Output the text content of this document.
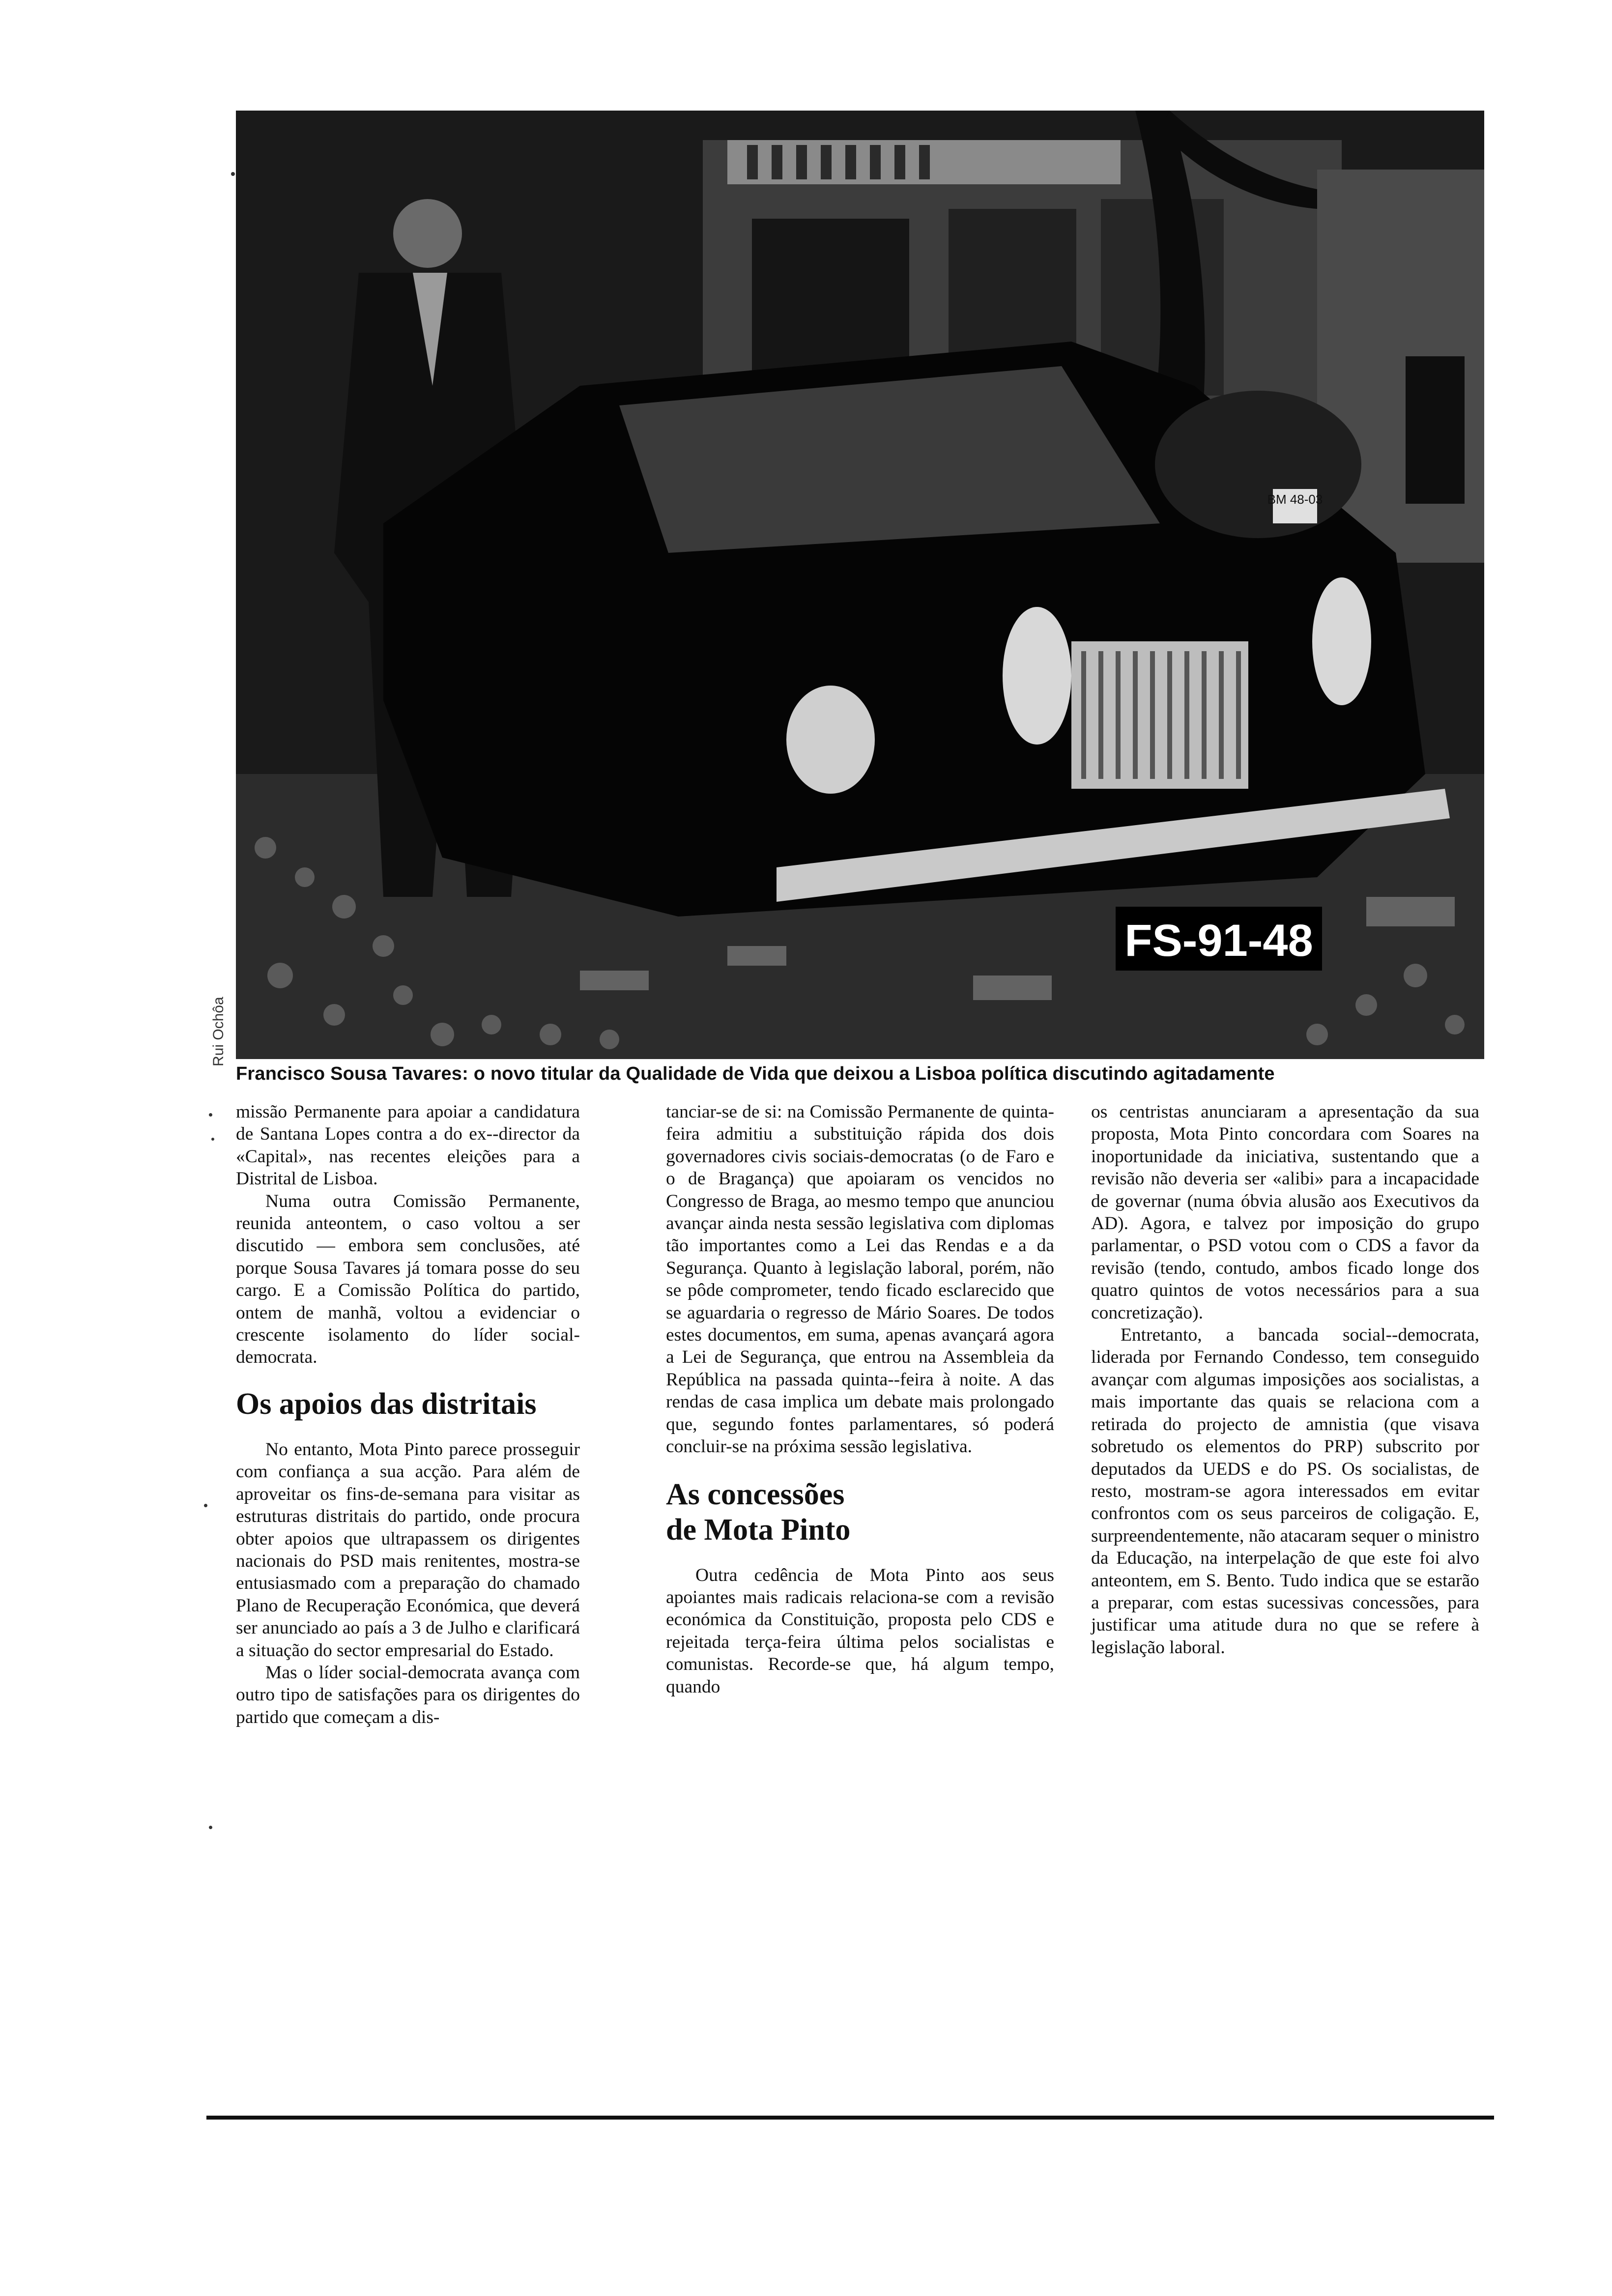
BM 48-03
FS-91-48
Rui Ochôa
Francisco Sousa Tavares: o novo titular da Qualidade de Vida que deixou a Lisboa política discutindo agitadamente

missão Permanente para apoiar a candidatura de Santana Lopes contra a do ex--director da «Capital», nas recentes eleições para a Distrital de Lisboa.

Numa outra Comissão Permanente, reunida anteontem, o caso voltou a ser discutido — embora sem conclusões, até porque Sousa Tavares já tomara posse do seu cargo. E a Comissão Política do partido, ontem de manhã, voltou a evidenciar o crescente isolamento do líder social-democrata.

Os apoios das distritais

No entanto, Mota Pinto parece prosseguir com confiança a sua acção. Para além de aproveitar os fins-de-semana para visitar as estruturas distritais do partido, onde procura obter apoios que ultrapassem os dirigentes nacionais do PSD mais renitentes, mostra-se entusiasmado com a preparação do chamado Plano de Recuperação Económica, que deverá ser anunciado ao país a 3 de Julho e clarificará a situação do sector empresarial do Estado.

Mas o líder social-democrata avança com outro tipo de satisfações para os dirigentes do partido que começam a dis-

tanciar-se de si: na Comissão Permanente de quinta-feira admitiu a substituição rápida dos dois governadores civis sociais-democratas (o de Faro e o de Bragança) que apoiaram os vencidos no Congresso de Braga, ao mesmo tempo que anunciou avançar ainda nesta sessão legislativa com diplomas tão importantes como a Lei das Rendas e a da Segurança. Quanto à legislação laboral, porém, não se pôde comprometer, tendo ficado esclarecido que se aguardaria o regresso de Mário Soares. De todos estes documentos, em suma, apenas avançará agora a Lei de Segurança, que entrou na Assembleia da República na passada quinta--feira à noite. A das rendas de casa implica um debate mais prolongado que, segundo fontes parlamentares, só poderá concluir-se na próxima sessão legislativa.

As concessões
de Mota Pinto

Outra cedência de Mota Pinto aos seus apoiantes mais radicais relaciona-se com a revisão económica da Constituição, proposta pelo CDS e rejeitada terça-feira última pelos socialistas e comunistas. Recorde-se que, há algum tempo, quando

os centristas anunciaram a apresentação da sua proposta, Mota Pinto concordara com Soares na inoportunidade da iniciativa, sustentando que a revisão não deveria ser «alibi» para a incapacidade de governar (numa óbvia alusão aos Executivos da AD). Agora, e talvez por imposição do grupo parlamentar, o PSD votou com o CDS a favor da revisão (tendo, contudo, ambos ficado longe dos quatro quintos de votos necessários para a sua concretização).

Entretanto, a bancada social--democrata, liderada por Fernando Condesso, tem conseguido avançar com algumas imposições aos socialistas, a mais importante das quais se relaciona com a retirada do projecto de amnistia (que visava sobretudo os elementos do PRP) subscrito por deputados da UEDS e do PS. Os socialistas, de resto, mostram-se agora interessados em evitar confrontos com os seus parceiros de coligação. E, surpreendentemente, não atacaram sequer o ministro da Educação, na interpelação de que este foi alvo anteontem, em S. Bento. Tudo indica que se estarão a preparar, com estas sucessivas concessões, para justificar uma atitude dura no que se refere à legislação laboral.
